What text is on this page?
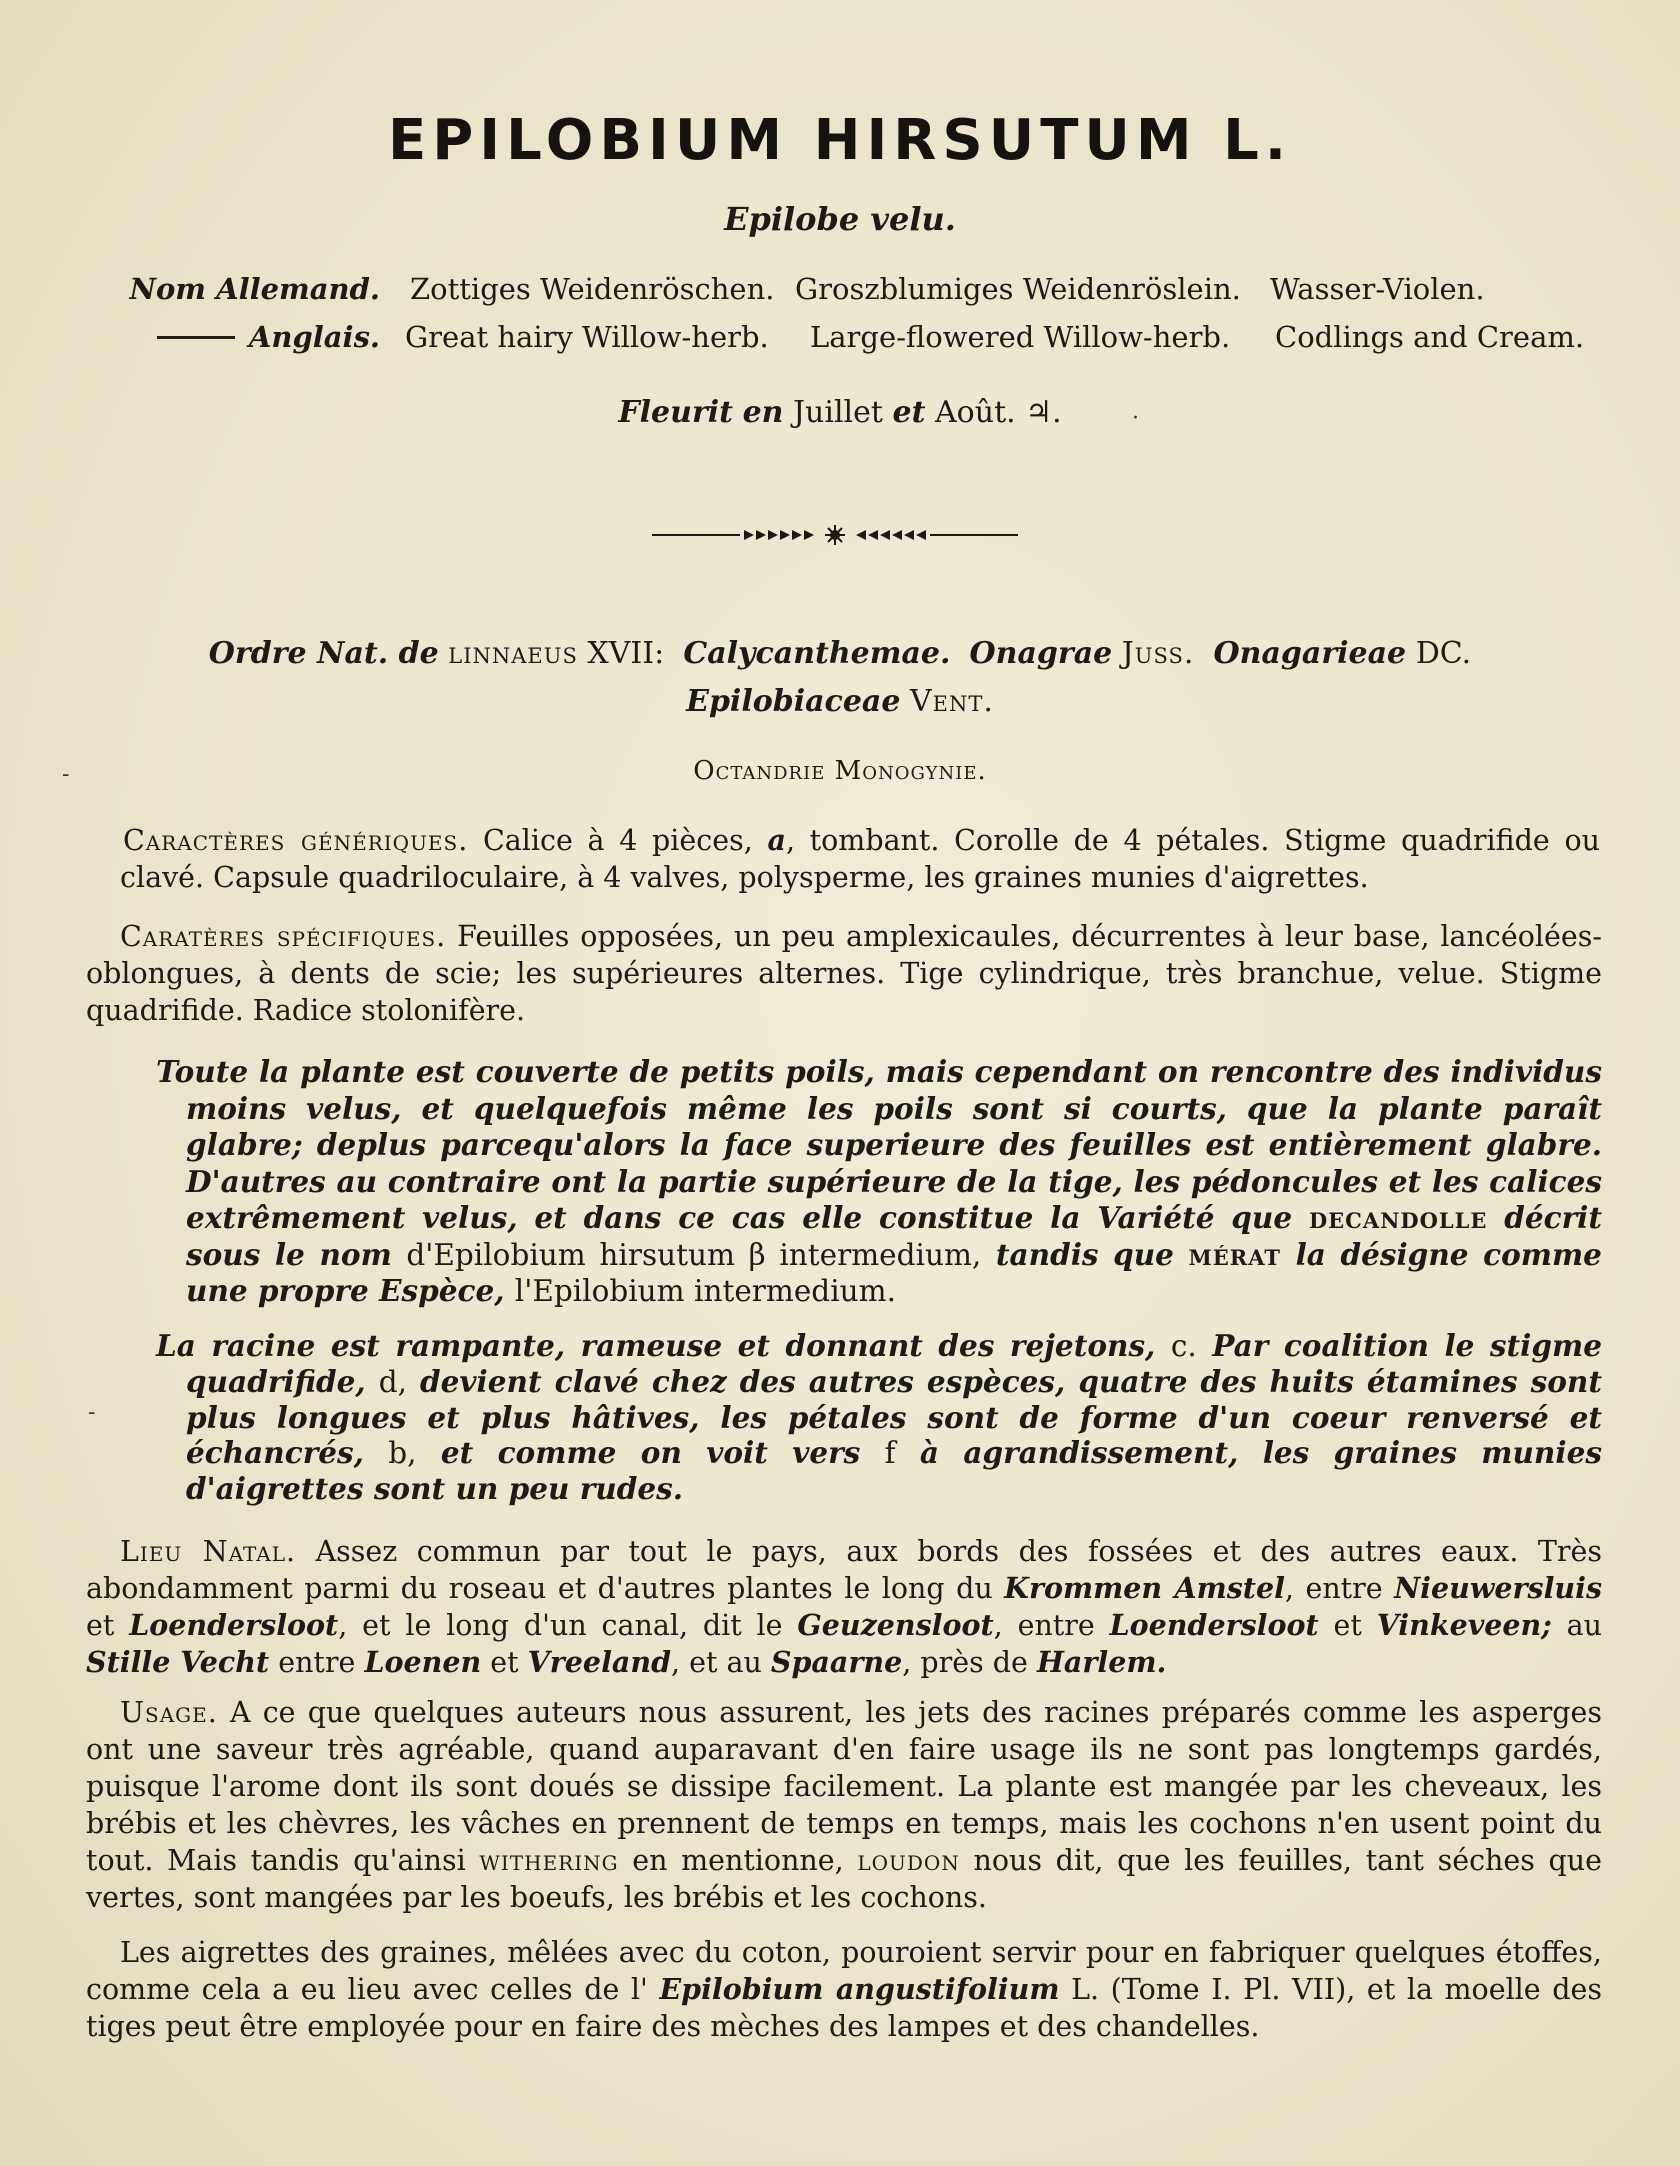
EPILOBIUM HIRSUTUM L.
Epilobe velu.
Nom Allemand. Zottiges Weidenröschen. Groszblumiges Weidenröslein. Wasser-Violen.
Anglais. Great hairy Willow-herb. Large-flowered Willow-herb. Codlings and Cream.
Fleurit en Juillet et Août. ♃.
Ordre Nat. de linnaeus XVII: Calycanthemae. Onagrae Juss. Onagarieae DC.
Epilobiaceae Vent.
Octandrie Monogynie.
Caractères génériques. Calice à 4 pièces, a, tombant. Corolle de 4 pétales. Stigme quadrifide ou clavé. Capsule quadriloculaire, à 4 valves, polysperme, les graines munies d'aigrettes.
Caratères spécifiques. Feuilles opposées, un peu amplexicaules, décurrentes à leur base, lancéolées-oblongues, à dents de scie; les supérieures alternes. Tige cylindrique, très branchue, velue. Stigme quadrifide. Radice stolonifère.
Toute la plante est couverte de petits poils, mais cependant on rencontre des individus moins velus, et quelquefois même les poils sont si courts, que la plante paraît glabre; deplus parcequ'alors la face superieure des feuilles est entièrement glabre. D'autres au contraire ont la partie supérieure de la tige, les pédoncules et les calices extrêmement velus, et dans ce cas elle constitue la Variété que decandolle décrit sous le nom d'Epilobium hirsutum β intermedium, tandis que mérat la désigne comme une propre Espèce, l'Epilobium intermedium.
La racine est rampante, rameuse et donnant des rejetons, c. Par coalition le stigme quadrifide, d, devient clavé chez des autres espèces, quatre des huits étamines sont plus longues et plus hâtives, les pétales sont de forme d'un coeur renversé et échancrés, b, et comme on voit vers f à agrandissement, les graines munies d'aigrettes sont un peu rudes.
Lieu Natal. Assez commun par tout le pays, aux bords des fossées et des autres eaux. Très abondamment parmi du roseau et d'autres plantes le long du Krommen Amstel, entre Nieuwersluis et Loendersloot, et le long d'un canal, dit le Geuzensloot, entre Loendersloot et Vinkeveen; au Stille Vecht entre Loenen et Vreeland, et au Spaarne, près de Harlem.
Usage. A ce que quelques auteurs nous assurent, les jets des racines préparés comme les asperges ont une saveur très agréable, quand auparavant d'en faire usage ils ne sont pas longtemps gardés, puisque l'arome dont ils sont doués se dissipe facilement. La plante est mangée par les cheveaux, les brébis et les chèvres, les vâches en prennent de temps en temps, mais les cochons n'en usent point du tout. Mais tandis qu'ainsi withering en mentionne, loudon nous dit, que les feuilles, tant séches que vertes, sont mangées par les boeufs, les brébis et les cochons.
Les aigrettes des graines, mêlées avec du coton, pouroient servir pour en fabriquer quelques étoffes, comme cela a eu lieu avec celles de l' Epilobium angustifolium L. (Tome I. Pl. VII), et la moelle des tiges peut être employée pour en faire des mèches des lampes et des chandelles.
-
-
·
